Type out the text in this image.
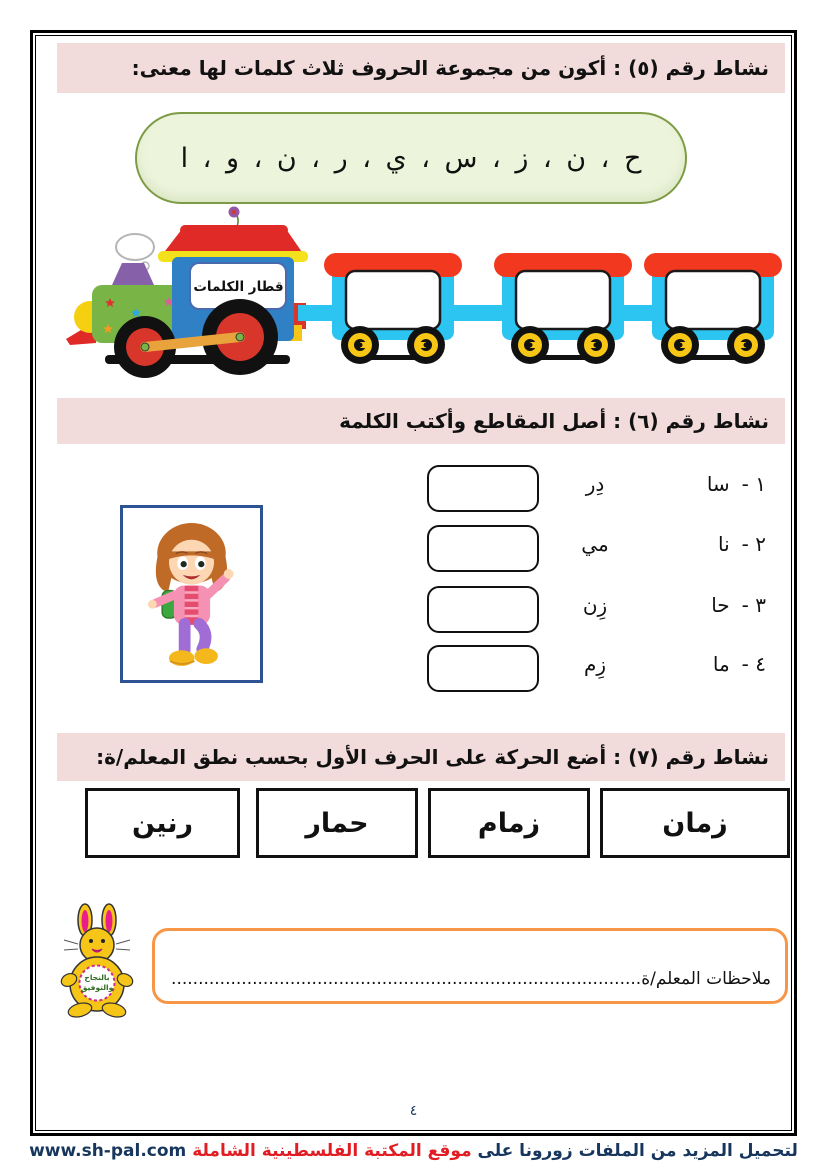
نشاط رقم (٥) : أكون من مجموعة الحروف ثلاث كلمات لها معنى:
ح ، ن ، ز ، س ، ي ، ر ، ن ، و ، ا
قطار الكلمات
نشاط رقم (٦) : أصل المقاطع وأكتب الكلمة
١ -
سا
دِر
٢ -
نا
مي
٣ -
حا
زِن
٤ -
ما
زِم
نشاط رقم (٧) : أضع الحركة على الحرف الأول بحسب نطق المعلم/ة:
زمان
زمام
حمار
رنين
بالنجاح
والتوفيق	ملاحظات المعلم/ة
.......................................................................................
٤
لتحميل المزيد من الملفات زورونا على موقع المكتبة الفلسطينية الشاملة www.sh-pal.com
